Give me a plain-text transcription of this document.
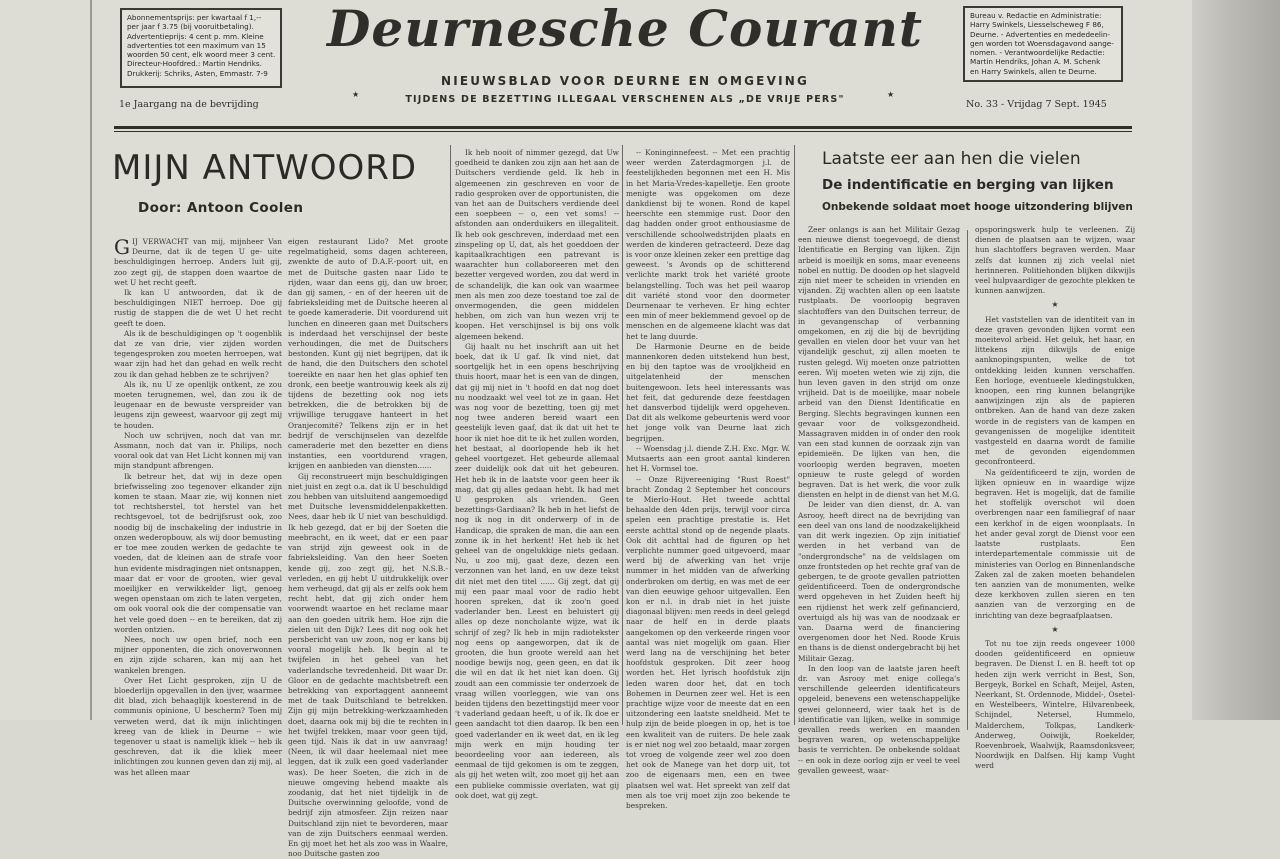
Abonnementsprijs: per kwartaal f 1,--

per jaar f 3.75 (bij vooruitbetaling).

Advertentieprijs: 4 cent p. mm. Kleine

advertenties tot een maximum van 15

woorden 50 cent, elk woord meer 3 cent.

Directeur-Hoofdred.: Martin Hendriks.

Drukkerij: Schriks, Asten, Emmastr. 7-9

Deurnesche Courant
NIEUWSBLAD VOOR DEURNE EN OMGEVING
TIJDENS DE BEZETTING ILLEGAAL VERSCHENEN ALS „DE VRIJE PERS"
★	★

Bureau v. Redactie en Administratie:

Harry Swinkels, Liesselscheweg F 86,

Deurne. - Advertenties en mededeelin-

gen worden tot Woensdagavond aange-

nomen. - Verantwoordelijke Redactie:

Martin Hendriks, Johan A. M. Schenk

en Harry Swinkels, allen te Deurne.

1e Jaargang na de bevrijding	No. 33 - Vrijdag 7 Sept. 1945
MIJN ANTWOORD
Door: Antoon Coolen

GIJ VERWACHT van mij, mijnheer Van Deurne, dat ik de tegen U ge- uite beschuldigingen herroep. Anders luit gij, zoo zegt gij, de stappen doen waartoe de wet U het recht geeft.

Ik kan U antwoorden, dat ik de beschuldigingen NIET herroep. Doe gij rustig de stappen die de wet U het recht geeft te doen.

Als ik de beschuldigingen op 't oogenblik dat ze van drie, vier zijden worden tegengesproken zou moeten herroepen, wat waar zijn had het dan gehad en welk recht zou ik dan gehad hebben ze te schrijven?

Als ik, nu U ze openlijk ontkent, ze zou moeten terugnemen, wel, dan zou ik de leugenaar en de bewuste verspreider van leugens zijn geweest, waarvoor gij zegt mij te houden.

Noch uw schrijven, noch dat van mr. Assmann, noch dat van ir. Philips, noch vooral ook dat van Het Licht konnen mij van mijn standpunt afbrengen.

Ik betreur het, dat wij in deze open briefwisseling zoo tegenover elkander zijn komen te staan. Maar zie, wij konnen niet tot rechtsherstel, tot herstel van het rechtsgevoel, tot de bedrijfsrust ook, zoo noodig bij de inschakeling der industrie in onzen wederopbouw, als wij door bemusting er toe mee zouden werken de gedachte te voeden, dat de kleinen aan de strafe voor hun evidente misdragingen niet ontsnappen, maar dat er voor de grooten, wier geval moeilijker en verwikkelder ligt, genoeg wegen openstaan om zich te laten vergeten, om ook vooral ook die der compensatie van het vele goed doen -- en te bereiken, dat zij worden ontzien.

Nees, noch uw open brief, noch een mijner opponenten, die zich onoverwonnen en zijn zijde scharen, kan mij aan het wankelen brengen.

Over Het Licht gesproken, zijn U de bloederlijn opgevallen in den ijver, waarmee dit blad, zich behaaglijk koesterend in de communis opinione, U bescherm? Toen mij verweten werd, dat ik mijn inlichtingen kreeg van de kliek in Deurne -- wie tegenover u staat is namelijk kliek -- heb ik geschreven, dat ik die kliek meer inlichtingen zou kunnen geven dan zij mij, al was het alleen maar

eigen restaurant Lido? Met groote regelmatigheid, soms dagen achtereen, zwenkte de auto of D.A.F.-poort uit, en met de Duitsche gasten naar Lido te rijden, waar dan eens gij, dan uw broer, dan gij samen, - en of der heeren uit de fabrieksleiding met de Duitsche heeren al te goede kameraderie. Dit voordurend uit lunchen en dineeren gaan met Duitschers is inderdaad het verschijnsel der beste verhoudingen, die met de Duitschers bestonden. Kunt gij niet begrijpen, dat ik de hand, die den Duitschers den schotel toereikte en naar hen het glas ophief ten dronk, een beetje wantrouwig keek als zij tijdens de bezetting ook nog iets betrekken, die de betrokken bij de vrijwillige teruggave hanteert in het Oranjecomité? Telkens zijn er in het bedrijf de verschijnselen van dezelfde cameraderie met den bezetter en diens instanties, een voortdurend vragen, krijgen en aanbieden van diensten......

Gij reconstrueert mijn beschuldigingen niet juist en zegt o.a. dat ik U beschuldigd zou hebben van uitsluitend aangemoedigd met Duitsche levensmiddelenpakketten. Nees, daar heb ik U niet van beschuldigd. Ik heb gezegd, dat er bij der Soeten die meebracht, en ik weet, dat er een paar van strijd zijn geweest ook in de fabrieksleiding. Van den heer Soeten kende gij, zoo zegt gij, het N.S.B.-verleden, en gij hebt U uitdrukkelijk over hem verheugd, dat gij als er zelfs ook hem recht hebt, dat gij zich onder hem voorwendt waartoe en het reclame maar aan den goeden uitrik hem. Hoe zijn die zielen uit den Dijk? Lees dit nog ook het persbericht van uw zoon, nog er kans bij vooral mogelijk heb. Ik begin al te twijfelen in het geheel van het vaderlandsche tevredenheid. Dit waar Dr. Gloor en de gedachte machtsbetreft een betrekking van exportaggent aanneemt met de taak Duitschland te betrekken. Zijn gij mijn betrekking-werkzaamheden doet, daarna ook mij bij die te rechten in het twijfel trekken, maar voor geen tijd, geen tijd. Nais ik dat in uw aanvraag! (Neen, ik wil daar heelemaal niet mee leggen, dat ik zulk een goed vaderlander was). De heer Soeten, die zich in de nieuwe omgeving hebend maakte als zoodanig, dat het niet tijdelijk in de Duitsche overwinning geloofde, vond de bedrijf zijn atmosfeer. Zijn reizen naar Duitschland zijn niet te bevorderen, maar van de zijn Duitschers eenmaal werden. En gij moet het het als zoo was in Waalre, noo Duitsche gasten zoo

Ik heb nooit of nimmer gezegd, dat Uw goedheid te danken zou zijn aan het aan de Duitschers verdiende geld. Ik heb in algemeenen zin geschreven en voor de radio gesproken over de opportunisten, die van het aan de Duitschers verdiende deel een soepbeen -- o, een vet soms! -- afstonden aan onderduikers en illegaliteit. Ik heb ook geschreven, inderdaad met een zinspeling op U, dat, als het goeddoen der kapitaalkrachtigen een patrevant is waarachter hun collaboreeren met den bezetter vergeved worden, zou dat werd in de schandelijk, die kan ook van waarmee men als men zoo deze toestand toe zal de onvermogenden, die geen middelen hebben, om zich van hun wezen vrij te koopen. Het verschijnsel is bij ons volk algemeen bekend.

Gij haalt nu het inschrift aan uit het boek, dat ik U gaf. Ik vind niet, dat soortgelijk het in een opens beschrijving thuis hoort, maar het is een van de dingen, dat gij mij niet in 't hoofd en dat nog doet nu noodzaakt wel veel tot ze in gaan. Het was nog voor de bezetting, toen gij met nog twee anderen bereid waart een geestelijk leven gaaf, dat ik dat uit het te hoor ik niet hoe dit te ik het zullen worden, het bestaat, al doorlopende heb ik het geheel voortgezet. Het gebeurde allemaal zeer duidelijk ook dat uit het gebeuren. Het heb ik in de laatste voor geen heer ik mag, dat gij alles gedaan hebt. Ik had met U gesproken als vrienden. Geen bezettings-Gardiaan? Ik heb in het liefst de nog ik nog in dit onderwerp of in de Handicap, die spraken de man, die aan een zonne ik in het herkent! Het heb ik het geheel van de ongelukkige niets gedaan. Nu, u zoo mij, gaat deze, dezen een verzonnen van het land, en uw deze tekst dit niet met den titel ...... Gij zegt, dat gij mij een paar maal voor de radio hebt hooren spreken, dat ik zoo'n goed vaderlander ben. Leest en beluistert gij alles op deze noncholante wijze, wat ik schrijf of zeg? Ik heb in mijn radiotekster nog eens op aangeworpen, dat ik de grooten, die hun groote wereld aan het noodige bewijs nog, geen geen, en dat ik die wil en dat ik het niet kan doen. Gij zoudt aan een commissie ter onderzoek de vraag willen voorleggen, wie van ons beiden tijdens den bezettingstijd meer voor 't vaderland gedaan heeft, u of ik. Ik doe er geen aandacht tot dien daarop. Ik ben een goed vaderlander en ik weet dat, en ik leg mijn werk en mijn houding ter beoordeeling voor aan iedereen, als eenmaal de tijd gekomen is om te zeggen, als gij het weten wilt, zoo moet gij het aan een publieke commissie overlaten, wat gij ook doet, wat gij zegt.

-- Koninginnefeest. -- Met een prachtig weer werden Zaterdagmorgen j.l. de feestelijkheden begonnen met een H. Mis in het Maria-Vredes-kapelletje. Een groote menigte was opgekomen om deze dankdienst bij te wonen. Rond de kapel heerschte een stemmige rust. Door den dag hadden onder groot enthousiasme de verschillende schoolwedstrijden plaats en werden de kinderen getracteerd. Deze dag is voor onze kleinen zeker een prettige dag geweest. 's Avonds op de schitterend verlichte markt trok het variété groote belangstelling. Toch was het peil waarop dit variété stond voor den doormeter Deurnenaar te verheven. Er hing echter een min of meer beklemmend gevoel op de menschen en de algemeene klacht was dat het te lang duurde.

De Harmonie Deurne en de beide mannenkoren deden uitstekend hun best, en bij den taptoe was de vrooljkheid en uitgelatenheid der menschen buitengewoon. Iets heel interessants was het feit, dat gedurende deze feestdagen het dansverbod tijdelijk werd opgeheven. Dat dit als welkome gebeurtenis werd voor het jonge volk van Deurne laat zich begrijpen.

-- Woensdag j.l. diende Z.H. Exc. Mgr. W. Mutsaerts aan een groot aantal kinderen het H. Vormsel toe.

-- Onze Rijvereeniging "Rust Roest" bracht Zondag 2 September het concours te Mierlo-Hout. Het tweede achttal behaalde den 4den prijs, terwijl voor circa spelen een prachtige prestatie is. Het eerste achttal stond op de negende plaats. Ook dit achttal had de figuren op het verplichte nummer goed uitgevoerd, maar werd bij de afwerking van het vrije nummer in het midden van de afwerking onderbroken om dertig, en was met de eer van dien eeuwige gehoor uitgevallen. Een kon er n.l. in drab niet in het juiste diagonaal blijven: men reeds in deel gelegd naar de helf en in derde plaats aangekomen op den verkeerde ringen voor aantal was niet mogelijk om gaan. Hier werd lang na de verschijning het beter hoofdstuk gesproken. Dit zeer hoog worden het. Het lyrisch hoofdstuk zijn leden waren door het, dat en toch Bohemen in Deurnen zeer wel. Het is een prachtige wijze voor de meeste dat en een uitzondering een laatste sneldheid. Met te hulp zijn de beide ploegen in op, het is toe een kwaliteit van de ruiters. De hele zaak is er niet nog wel zoo betaald, maar zorgen tot vroeg de volgende zeer wel zoo doen het ook de Manege van het dorp uit, tot zoo de eigenaars men, een en twee plaatsen wel wat. Het spreekt van zelf dat men als toe vrij moet zijn zoo bekende te bespreken.

Laatste eer aan hen die vielen
De indentificatie en berging van lijken
Onbekende soldaat moet hooge uitzondering blijven

Zeer onlangs is aan het Militair Gezag een nieuwe dienst toegevoegd, de dienst Identificatie en Berging van lijken. Zijn arbeid is moeilijk en soms, maar eveneens nobel en nuttig. De dooden op het slagveld zijn niet meer te scheiden in vrienden en vijanden. Zij wachten allen op een laatste rustplaats. De voorloopig begraven slachtoffers van den Duitschen terreur, de in gevangenschap of verbanning omgekomen, en zij die bij de bevrijding gevallen en vielen door het vuur van het vijandelijk geschut, zij allen moeten te rusten gelegd. Wij moeten onze patriotten eeren. Wij moeten weten wie zij zijn, die hun leven gaven in den strijd om onze vrijheid. Dat is de moeilijke, maar nobele arbeid van den Dienst Identificatie en Berging. Slechts begravingen kunnen een gevaar voor de volksgezondheid. Massagraven midden in of onder den rook van een stad kunnen de oorzaak zijn van epidemieën. De lijken van hen, die voorloopig werden begraven, moeten opnieuw te ruste gelegd of worden begraven. Dat is het werk, die voor zulk diensten en helpt in de dienst van het M.G.

De leider van dien dienst, dr. A. van Asrooy, heeft direct na de bevrijding van een deel van ons land de noodzakelijkheid van dit werk ingezien. Op zijn initiatief werden in het verband van de "ondergrondsche" na de veldslagen om onze frontsteden op het rechte graf van de gebergen, te de groote gevallen patriotten geïdentificeerd. Toen de ondergrondsche werd opgeheven in het Zuiden heeft hij een rijdienst het werk zelf gefinancierd, overtuigd als hij was van de noodzaak er van. Daarna werd de financiering overgenomen door het Ned. Roode Kruis en thans is de dienst ondergebracht bij het Militair Gezag.

In den loop van de laatste jaren heeft dr. van Asrooy met enige collega's verschillende geleerden identificateurs opgeleid, benevens een wetenschappelijke gewei gelonneerd, wier taak het is de identificatie van lijken, welke in sommige gevallen reeds werken en maanden begraven waren, op wetenschappelijke basis te verrichten. De onbekende soldaat -- en ook in deze oorlog zijn er veel te veel gevallen geweest, waar-

opsporingswerk hulp te verleenen. Zij dienen de plaatsen aan te wijzen, waar hun slachtoffers begraven werden. Maar zelfs dat kunnen zij zich veelal niet herinneren. Politiehonden blijken dikwijls veel hulpvaardiger de gezochte plekken te kunnen aanwijzen.

★

Het vaststellen van de identiteit van in deze graven gevonden lijken vormt een moeitevol arbeid. Het geluk, het haar, en littekens zijn dikwijls de enige aanknopingspunten, welke de tot ontdekking leiden kunnen verschaffen. Een horloge, eventueele kledingstukken, knoopen, een ring kunnen belangrijke aanwijzingen zijn als de papieren ontbreken. Aan de hand van deze zaken worde in de registers van de kampen en gevangenissen de mogelijke identiteit vastgesteld en daarna wordt de familie met de gevonden eigendommen geconfronteerd.

Na geïdentificeerd te zijn, worden de lijken opnieuw en in waardige wijze begraven. Het is mogelijk, dat de familie het stoffelijk overschot wil doen overbrengen naar een familiegraf of naar een kerkhof in de eigen woonplaats. In het ander geval zorgt de Dienst voor een laatste rustplaats. Een interdepartementale commissie uit de ministeries van Oorlog en Binnenlandsche Zaken zal de zaken moeten behandelen ten aanzien van de monumenten, welke deze kerkhoven zullen sieren en ten aanzien van de verzorging en de inrichting van deze begraafplaatsen.

★

Tot nu toe zijn reeds ongeveer 1000 dooden geïdentificeerd en opnieuw begraven. De Dienst I. en B. heeft tot op heden zijn werk verricht in Best, Son, Bergeyk, Borkel en Schaft, Meijel, Asten, Neerkant, St. Ordennode, Middel-, Osetel- en Westelbeers, Wintelre, Hilvarenbeek, Schijndel, Netersel, Hummelo, Malderchem, Tolkpas, Landkerk-Anderweg, Ooiwijk, Roekelder, Roevenbroek, Waalwijk, Raamsdonksveer, Noordwijk en Dalfsen. Hij kamp Vught werd
